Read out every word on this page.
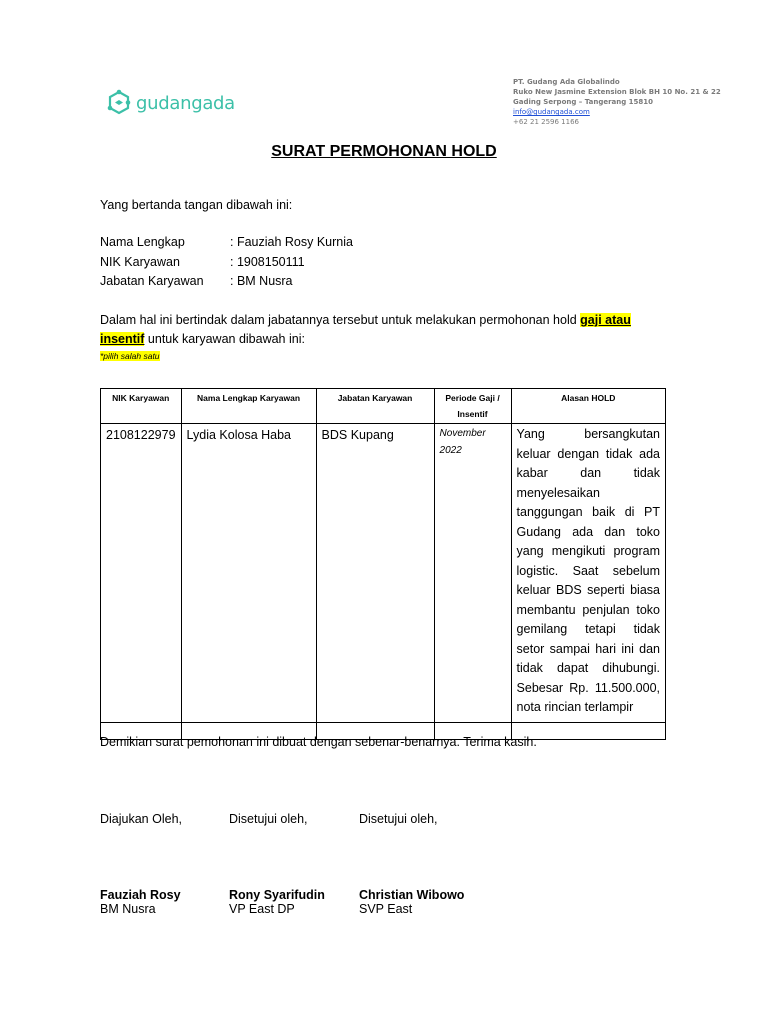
gudangada
PT. Gudang Ada Globalindo
Ruko New Jasmine Extension Blok BH 10 No. 21 & 22
Gading Serpong – Tangerang 15810
info@gudangada.com
+62 21 2596 1166
SURAT PERMOHONAN HOLD
Yang bertanda tangan dibawah ini:
Nama Lengkap	: Fauziah Rosy Kurnia
NIK Karyawan	: 1908150111
Jabatan Karyawan	: BM Nusra
Dalam hal ini bertindak dalam jabatannya tersebut untuk melakukan permohonan hold gaji atau insentif untuk karyawan dibawah ini:
*pilih salah satu
NIK Karyawan	Nama Lengkap Karyawan	Jabatan Karyawan	Periode Gaji / Insentif	Alasan HOLD
2108122979	Lydia Kolosa Haba	BDS Kupang	November 2022	Yang bersangkutan keluar dengan tidak ada kabar dan tidak menyelesaikan tanggungan baik di PT Gudang ada dan toko yang mengikuti program logistic. Saat sebelum keluar BDS seperti biasa membantu penjulan toko gemilang tetapi tidak setor sampai hari ini dan tidak dapat dihubungi. Sebesar Rp. 11.500.000, nota rincian terlampir

Demikian surat pemohonan ini dibuat dengan sebenar-benarnya. Terima kasih.
Diajukan Oleh,	Disetujui oleh,	Disetujui oleh,
Fauziah Rosy	Rony Syarifudin	Christian Wibowo
BM Nusra	VP East DP	SVP East
